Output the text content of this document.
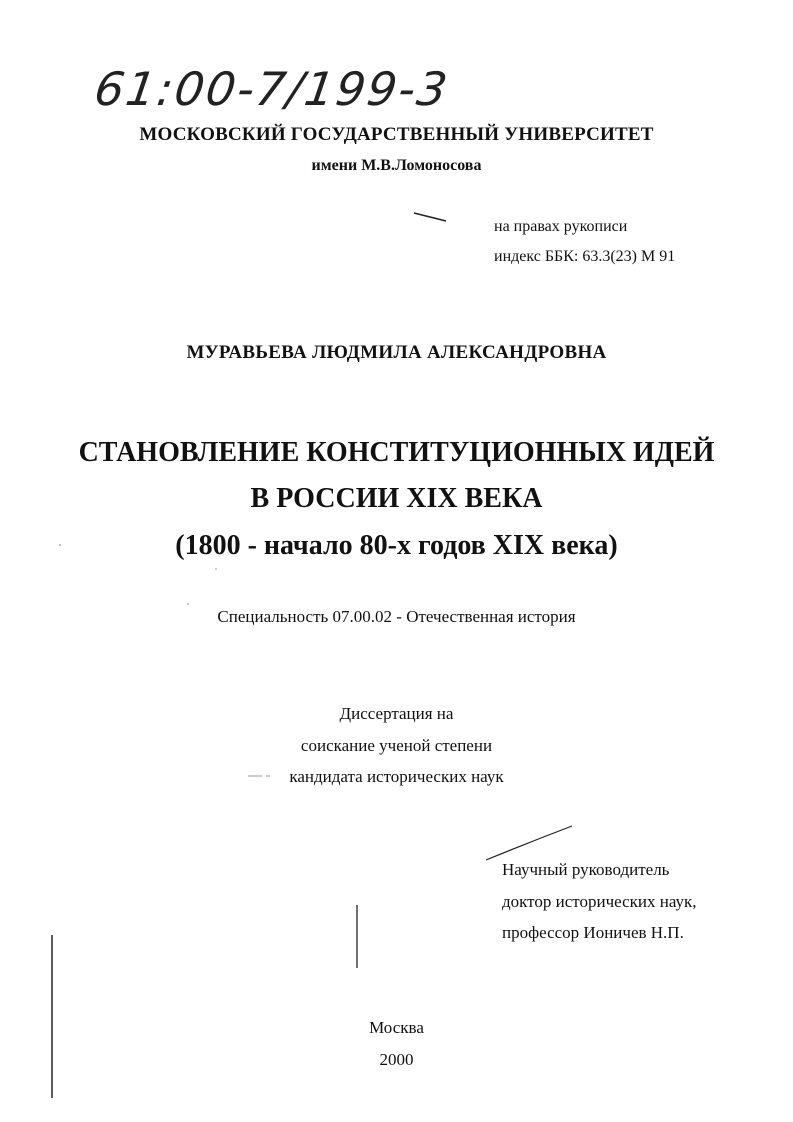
61:00-7/199-3
МОСКОВСКИЙ ГОСУДАРСТВЕННЫЙ УНИВЕРСИТЕТ
имени М.В.Ломоносова
на правах рукописи
индекс ББК: 63.3(23) М 91
МУРАВЬЕВА ЛЮДМИЛА АЛЕКСАНДРОВНА
СТАНОВЛЕНИЕ КОНСТИТУЦИОННЫХ ИДЕЙ
В РОССИИ XIX ВЕКА
(1800 - начало 80-х годов XIX века)
Специальность 07.00.02 - Отечественная история
Диссертация на
соискание ученой степени
кандидата исторических наук
Научный руководитель
доктор исторических наук,
профессор Ионичев Н.П.
Москва
2000
